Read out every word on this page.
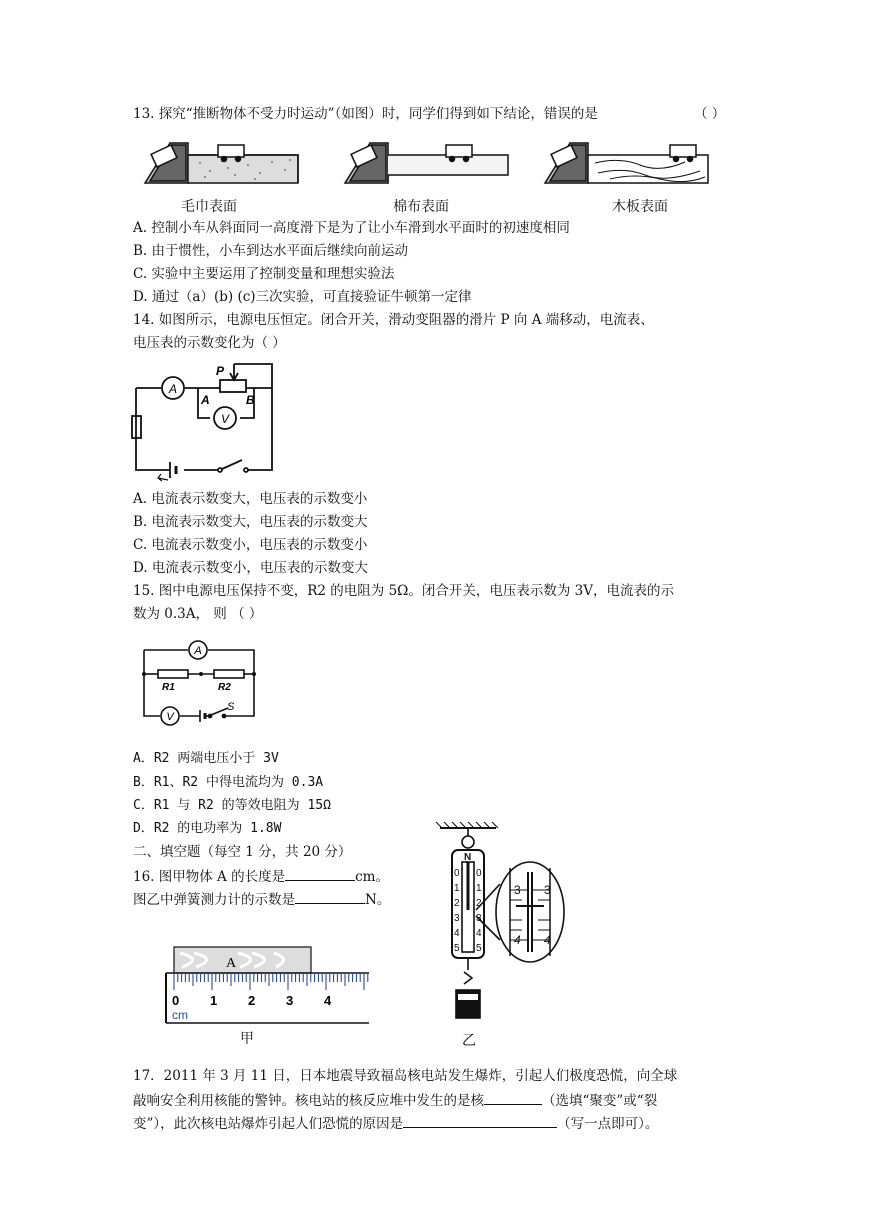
13. 探究“推断物体不受力时运动”（如图）时，同学们得到如下结论，错误的是	（ ）
毛巾表面	棉布表面	木板表面
A. 控制小车从斜面同一高度滑下是为了让小车滑到水平面时的初速度相同
B. 由于惯性，小车到达水平面后继续向前运动
C. 实验中主要运用了控制变量和理想实验法
D. 通过（a）(b) (c)三次实验，可直接验证牛顿第一定律
14. 如图所示，电源电压恒定。闭合开关，滑动变阻器的滑片 P 向 A 端移动，电流表、
电压表的示数变化为（ ）
A
V
P
A	B
A. 电流表示数变大，电压表的示数变小
B. 电流表示数变大，电压表的示数变大
C. 电流表示数变小，电压表的示数变小
D. 电流表示数变小，电压表的示数变大
15. 图中电源电压保持不变，R2 的电阻为 5Ω。闭合开关，电压表示数为 3V，电流表的示
数为 0.3A， 则 （ ）
A
V
R1	R2
S
A．R2 两端电压小于 3V
B．R1、R2 中得电流均为 0.3A
C．R1 与 R2 的等效电阻为 15Ω
D．R2 的电功率为 1.8W
二、填空题（每空 1 分，共 20 分）
16. 图甲物体 A 的长度是	cm。
图乙中弹簧测力计的示数是	N。
A
0 1 2 3 4
cm
甲
N
0
1
2
3
4
5
0
1
2
3
4
5
3 3
4 4
乙
17．2011 年 3 月 11 日，日本地震导致福岛核电站发生爆炸，引起人们极度恐慌，向全球
敲响安全利用核能的警钟。核电站的核反应堆中发生的是核	（选填“聚变”或“裂
变”），此次核电站爆炸引起人们恐慌的原因是	（写一点即可）。
